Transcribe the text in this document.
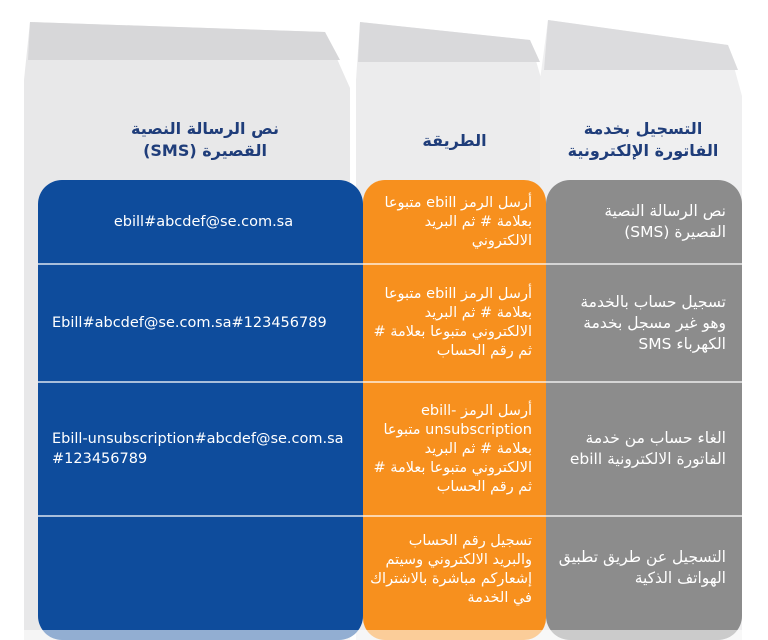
التسجيل بخدمة
الفاتورة الإلكترونية
الطريقة
نص الرسالة النصية
القصيرة (SMS)
نص الرسالة النصية القصيرة (SMS)
أرسل الرمز ebill متبوعا بعلامة # ثم البريد الالكتروني
ebill#abcdef@se.com.sa
تسجيل حساب بالخدمة وهو غير مسجل بخدمة الكهرباء SMS
أرسل الرمز ebill متبوعا بعلامة # ثم البريد الالكتروني متبوعا بعلامة # ثم رقم الحساب
Ebill#abcdef@se.com.sa#123456789
الغاء حساب من خدمة الفاتورة الالكترونية ebill
أرسل الرمز ebill-unsubscription متبوعا بعلامة # ثم البريد الالكتروني متبوعا بعلامة # ثم رقم الحساب
Ebill-unsubscription#abcdef@se.com.sa
#123456789
التسجيل عن طريق تطبيق الهواتف الذكية
تسجيل رقم الحساب والبريد الالكتروني وسيتم إشعاركم مباشرة بالاشتراك في الخدمة
